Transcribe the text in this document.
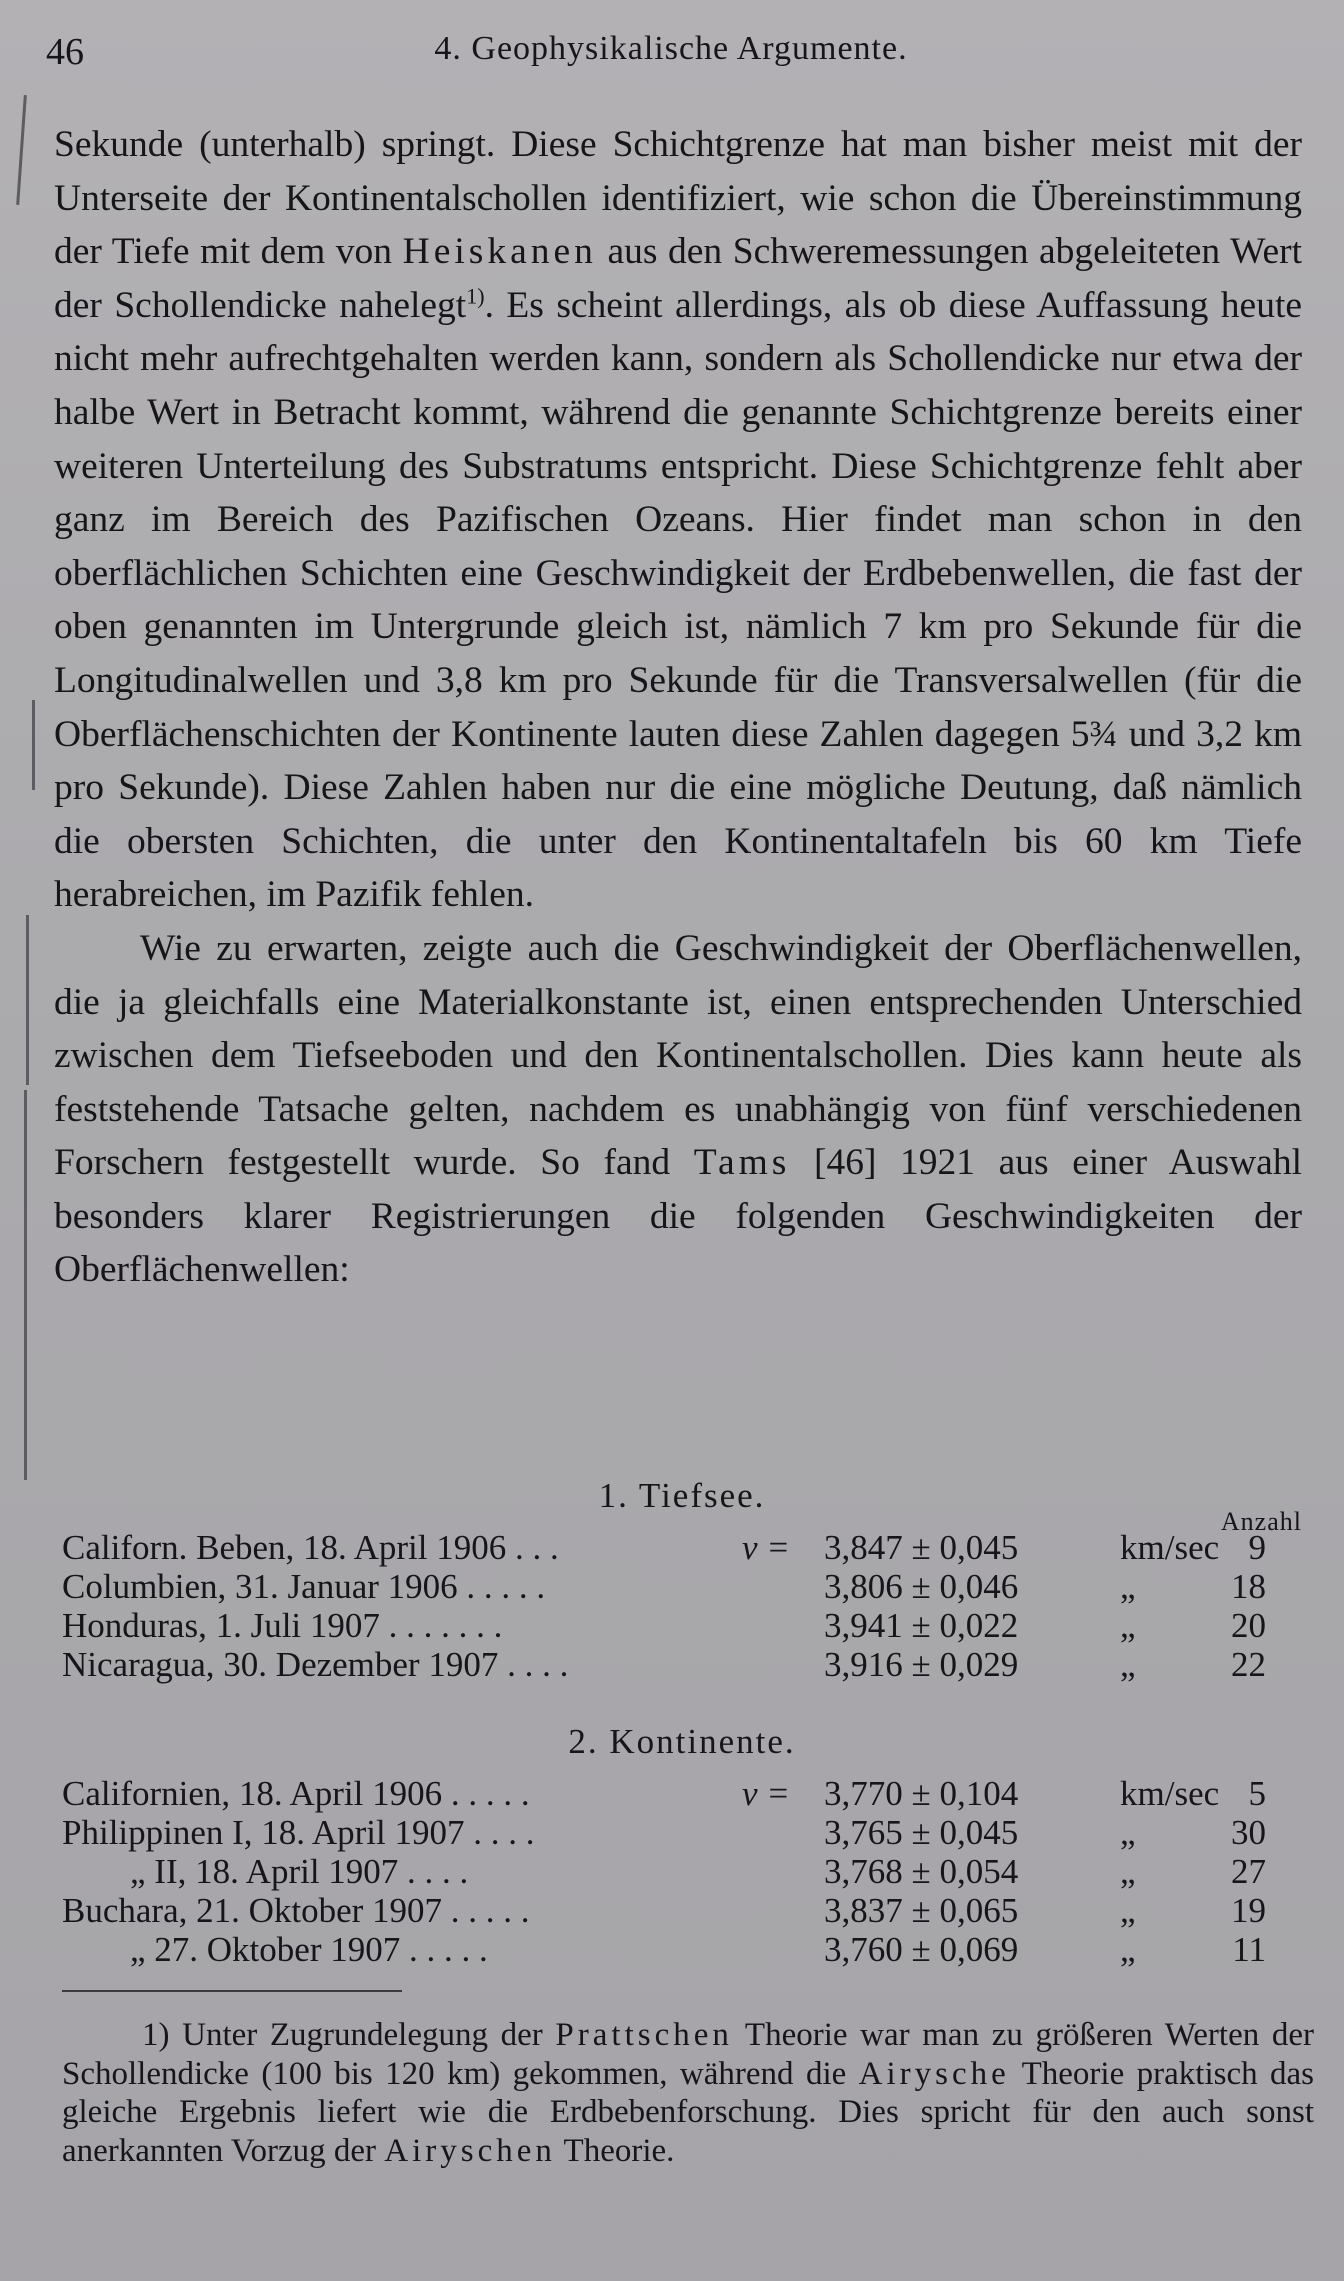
46	4. Geophysikalische Argumente.

Sekunde (unterhalb) springt. Diese Schichtgrenze hat man bisher meist mit der Unterseite der Kontinentalschollen identifiziert, wie schon die Übereinstimmung der Tiefe mit dem von Heiskanen aus den Schweremessungen abgeleiteten Wert der Schollendicke nahelegt$^{1)}$. Es scheint allerdings, als ob diese Auffassung heute nicht mehr aufrechtgehalten werden kann, sondern als Schollendicke nur etwa der halbe Wert in Betracht kommt, während die genannte Schichtgrenze bereits einer weiteren Unterteilung des Substratums entspricht. Diese Schichtgrenze fehlt aber ganz im Bereich des Pazifischen Ozeans. Hier findet man schon in den oberflächlichen Schichten eine Geschwindigkeit der Erdbebenwellen, die fast der oben genannten im Untergrunde gleich ist, nämlich 7 km pro Sekunde für die Longitudinalwellen und 3,8 km pro Sekunde für die Transversalwellen (für die Oberflächenschichten der Kontinente lauten diese Zahlen dagegen 5¾ und 3,2 km pro Sekunde). Diese Zahlen haben nur die eine mögliche Deutung, daß nämlich die obersten Schichten, die unter den Kontinentaltafeln bis 60 km Tiefe herabreichen, im Pazifik fehlen.

Wie zu erwarten, zeigte auch die Geschwindigkeit der Oberflächenwellen, die ja gleichfalls eine Materialkonstante ist, einen entsprechenden Unterschied zwischen dem Tiefseeboden und den Kontinentalschollen. Dies kann heute als feststehende Tatsache gelten, nachdem es unabhängig von fünf verschiedenen Forschern festgestellt wurde. So fand Tams [46] 1921 aus einer Auswahl besonders klarer Registrierungen die folgenden Geschwindigkeiten der Oberflächenwellen:

1. Tiefsee.
Anzahl
Californ. Beben, 18. April 1906 . . .	v = 3,847 ± 0,045	km/sec 9
Columbien, 31. Januar 1906 . . . . .	3,806 ± 0,046	„	18
Honduras, 1. Juli 1907 . . . . . . .	3,941 ± 0,022	„	20
Nicaragua, 30. Dezember 1907 . . . .	3,916 ± 0,029	„	22
2. Kontinente.
Californien, 18. April 1906 . . . . .	v = 3,770 ± 0,104	km/sec 5
Philippinen I, 18. April 1907 . . . .	3,765 ± 0,045	„	30
„ II, 18. April 1907 . . . .	3,768 ± 0,054	„	27
Buchara, 21. Oktober 1907 . . . . .	3,837 ± 0,065	„	19
„ 27. Oktober 1907 . . . . .	3,760 ± 0,069	„	11

1) Unter Zugrundelegung der Prattschen Theorie war man zu größeren Werten der Schollendicke (100 bis 120 km) gekommen, während die Airysche Theorie praktisch das gleiche Ergebnis liefert wie die Erdbebenforschung. Dies spricht für den auch sonst anerkannten Vorzug der Airyschen Theorie.
